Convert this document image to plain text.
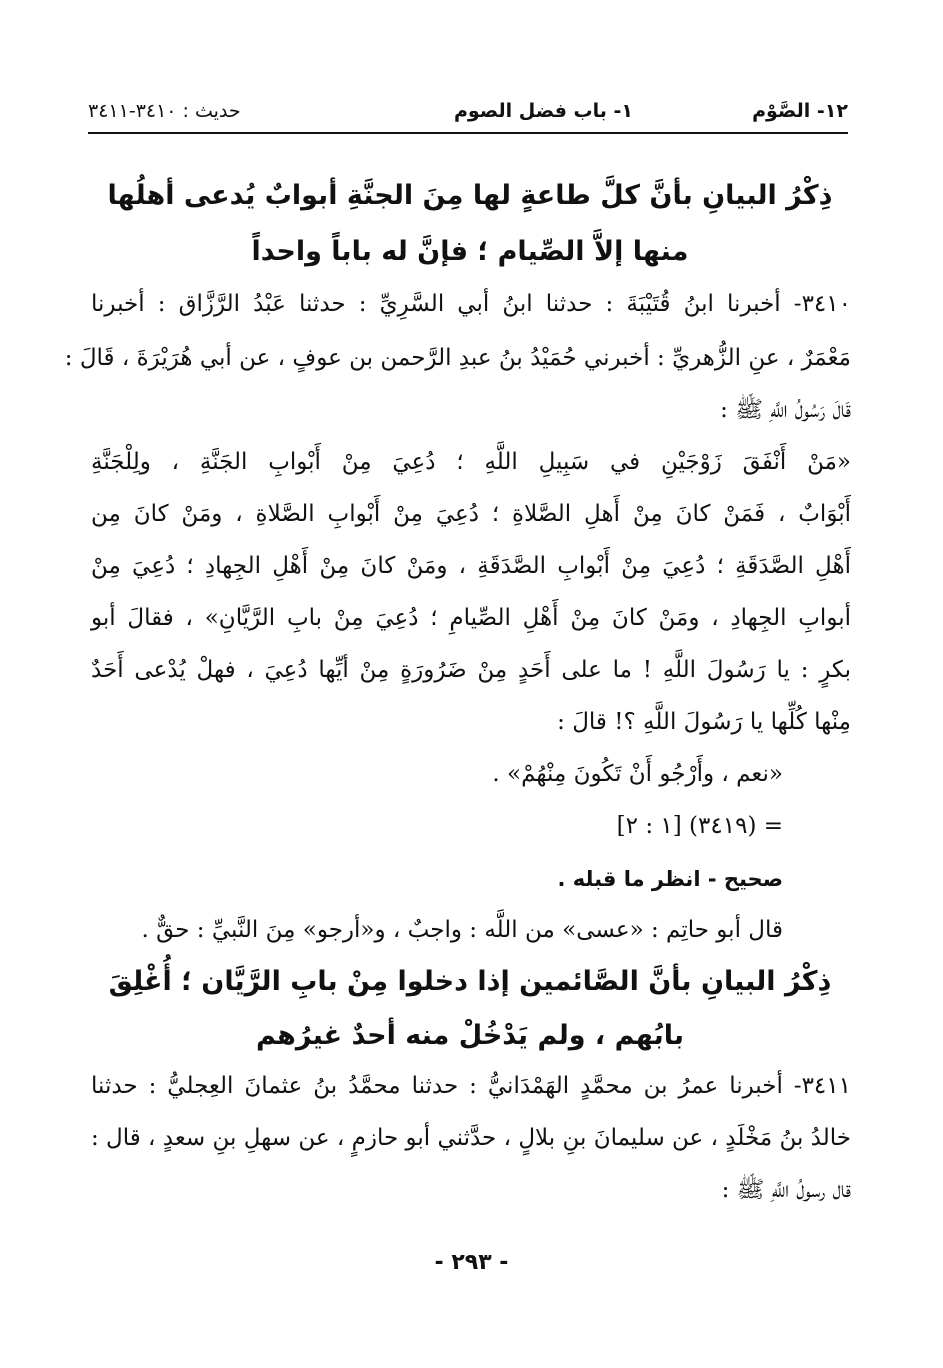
١٢- الصَّوْم
١- باب فضل الصوم
حديث : ٣٤١٠-٣٤١١
ذِكْرُ البيانِ بأنَّ كلَّ طاعةٍ لها مِنَ الجنَّةِ أبوابٌ يُدعى أهلُها
منها إلاَّ الصِّيام ؛ فإنَّ له باباً واحداً
٣٤١٠- أخبرنا ابنُ قُتَيْبَةَ : حدثنا ابنُ أبي السَّرِيِّ : حدثنا عَبْدُ الرَّزَّاق : أخبرنا
مَعْمَرٌ ، عنِ الزُّهريِّ : أخبرني حُمَيْدُ بنُ عبدِ الرَّحمن بن عوفٍ ، عن أبي هُرَيْرَةَ ، قَالَ :
قَالَ رَسُولُ اللَّهِ ﷺ :
«مَنْ أَنْفَقَ زَوْجَيْنِ في سَبِيلِ اللَّهِ ؛ دُعِيَ مِنْ أَبْوابِ الجَنَّةِ ، ولِلْجَنَّةِ
أَبْوَابٌ ، فَمَنْ كانَ مِنْ أَهلِ الصَّلاةِ ؛ دُعِيَ مِنْ أَبْوابِ الصَّلاةِ ، ومَنْ كانَ مِن
أَهْلِ الصَّدَقَةِ ؛ دُعِيَ مِنْ أَبْوابِ الصَّدَقَةِ ، ومَنْ كانَ مِنْ أَهْلِ الجِهادِ ؛ دُعِيَ مِنْ
أبوابِ الجِهادِ ، ومَنْ كانَ مِنْ أَهْلِ الصِّيامِ ؛ دُعِيَ مِنْ بابِ الرَّيَّانِ» ، فقالَ أبو
بكرٍ : يا رَسُولَ اللَّهِ ! ما على أَحَدٍ مِنْ ضَرُورَةٍ مِنْ أيِّها دُعِيَ ، فهلْ يُدْعى أَحَدٌ
مِنْها كُلِّها يا رَسُولَ اللَّهِ ؟! قالَ :
«نعم ، وأَرْجُو أَنْ تَكُونَ مِنْهُمْ» .
= (٣٤١٩) [١ : ٢]
صحيح - انظر ما قبله .
قال أبو حاتِم : «عسى» من اللَّه : واجبٌ ، و«أرجو» مِنَ النَّبيِّ : حقٌّ .
ذِكْرُ البيانِ بأنَّ الصَّائمين إذا دخلوا مِنْ بابِ الرَّيَّان ؛ أُغْلِقَ
بابُهم ، ولم يَدْخُلْ منه أحدٌ غيرُهم
٣٤١١- أخبرنا عمرُ بن محمَّدٍ الهَمْدَانيُّ : حدثنا محمَّدُ بنُ عثمانَ العِجليُّ : حدثنا
خالدُ بنُ مَخْلَدٍ ، عن سليمانَ بنِ بلالٍ ، حدَّثني أبو حازمٍ ، عن سهلِ بنِ سعدٍ ، قال :
قال رسولُ اللَّهِ ﷺ :
- ٢٩٣ -
